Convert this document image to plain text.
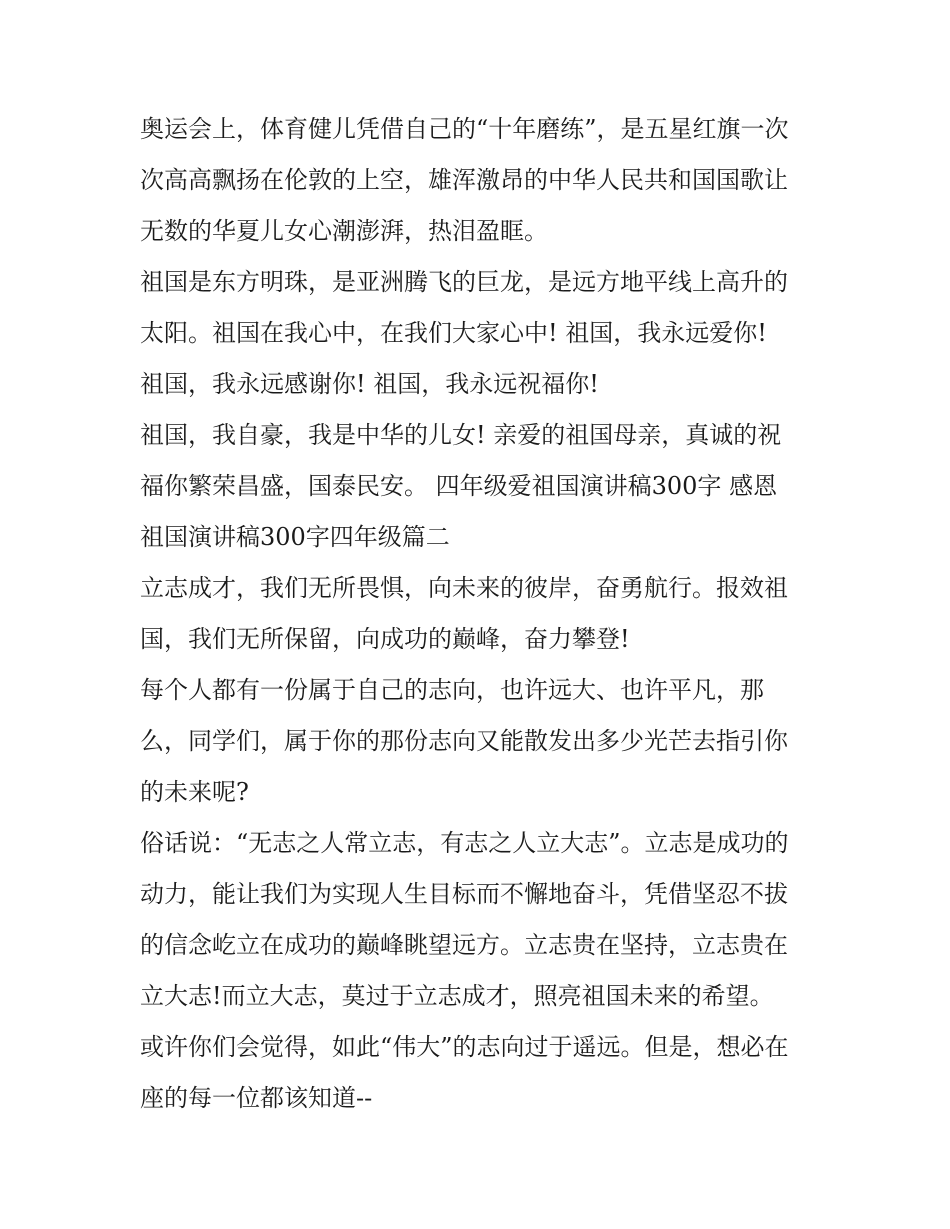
奥运会上，体育健儿凭借自己的“十年磨练”，是五星红旗一次
次高高飘扬在伦敦的上空，雄浑激昂的中华人民共和国国歌让
无数的华夏儿女心潮澎湃，热泪盈眶。
祖国是东方明珠，是亚洲腾飞的巨龙，是远方地平线上高升的
太阳。祖国在我心中，在我们大家心中! 祖国，我永远爱你!
祖国，我永远感谢你! 祖国，我永远祝福你!
祖国，我自豪，我是中华的儿女! 亲爱的祖国母亲，真诚的祝
福你繁荣昌盛，国泰民安。 四年级爱祖国演讲稿300字 感恩
祖国演讲稿300字四年级篇二
立志成才，我们无所畏惧，向未来的彼岸，奋勇航行。报效祖
国，我们无所保留，向成功的巅峰，奋力攀登!
每个人都有一份属于自己的志向，也许远大、也许平凡，那
么，同学们，属于你的那份志向又能散发出多少光芒去指引你
的未来呢?
俗话说：“无志之人常立志，有志之人立大志”。立志是成功的
动力，能让我们为实现人生目标而不懈地奋斗，凭借坚忍不拔
的信念屹立在成功的巅峰眺望远方。立志贵在坚持，立志贵在
立大志!而立大志，莫过于立志成才，照亮祖国未来的希望。
或许你们会觉得，如此“伟大”的志向过于遥远。但是，想必在
座的每一位都该知道--
